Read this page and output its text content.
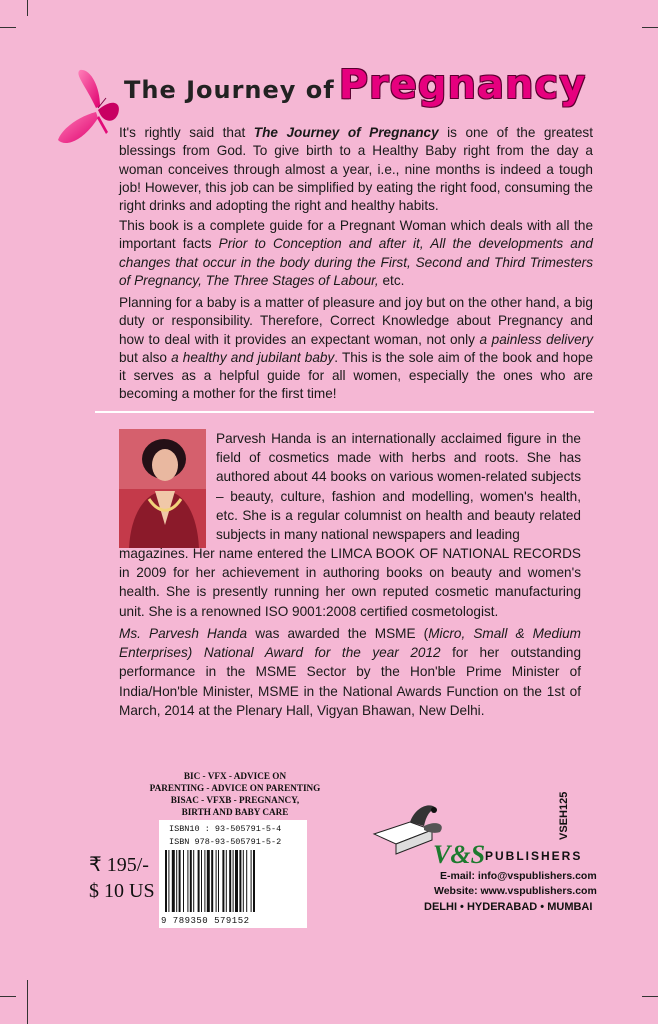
The Journey of Pregnancy

It's rightly said that The Journey of Pregnancy is one of the greatest blessings from God. To give birth to a Healthy Baby right from the day a woman conceives through almost a year, i.e., nine months is indeed a tough job! However, this job can be simplified by eating the right food, consuming the right drinks and adopting the right and healthy habits.

This book is a complete guide for a Pregnant Woman which deals with all the important facts Prior to Conception and after it, All the developments and changes that occur in the body during the First, Second and Third Trimesters of Pregnancy, The Three Stages of Labour, etc.

Planning for a baby is a matter of pleasure and joy but on the other hand, a big duty or responsibility. Therefore, Correct Knowledge about Pregnancy and how to deal with it provides an expectant woman, not only a painless delivery but also a healthy and jubilant baby. This is the sole aim of the book and hope it serves as a helpful guide for all women, especially the ones who are becoming a mother for the first time!

Parvesh Handa is an internationally acclaimed figure in the field of cosmetics made with herbs and roots. She has authored about 44 books on various women-related subjects – beauty, culture, fashion and modelling, women's health, etc. She is a regular columnist on health and beauty related subjects in many national newspapers and leading

magazines. Her name entered the LIMCA BOOK OF NATIONAL RECORDS in 2009 for her achievement in authoring books on beauty and women's health. She is presently running her own reputed cosmetic manufacturing unit. She is a renowned ISO 9001:2008 certified cosmetologist.

Ms. Parvesh Handa was awarded the MSME (Micro, Small & Medium Enterprises) National Award for the year 2012 for her outstanding performance in the MSME Sector by the Hon'ble Prime Minister of India/Hon'ble Minister, MSME in the National Awards Function on the 1st of March, 2014 at the Plenary Hall, Vigyan Bhawan, New Delhi.

BIC - VFX - ADVICE ON
PARENTING - ADVICE ON PARENTING
BISAC - VFXB - PREGNANCY,
BIRTH AND BABY CARE
ISBN10 : 93-505791-5-4
ISBN 978-93-505791-5-2
9 789350 579152
₹ 195/-
$ 10 US
V&S PUBLISHERS
E-mail: info@vspublishers.com
Website: www.vspublishers.com
DELHI • HYDERABAD • MUMBAI
VSEH125
